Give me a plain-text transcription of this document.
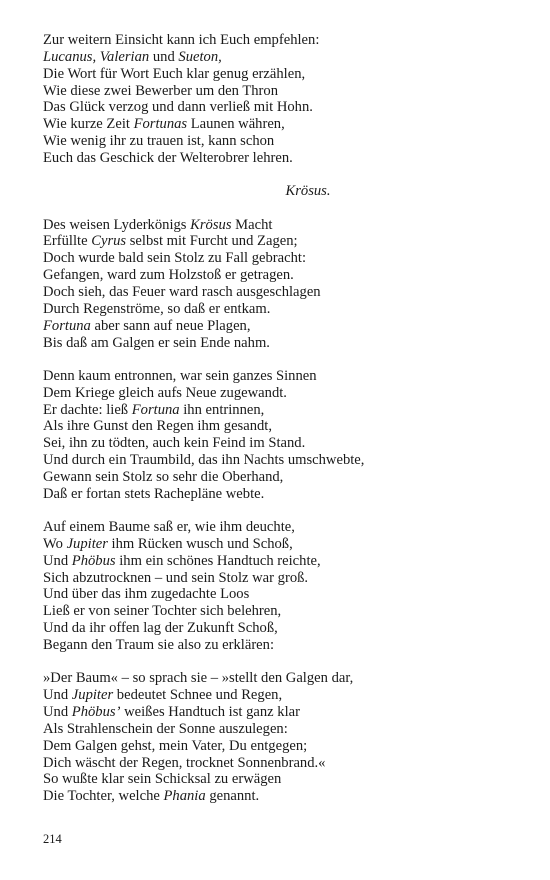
Zur weitern Einsicht kann ich Euch empfehlen:
Lucanus, Valerian und Sueton,
Die Wort für Wort Euch klar genug erzählen,
Wie diese zwei Bewerber um den Thron
Das Glück verzog und dann verließ mit Hohn.
Wie kurze Zeit Fortunas Launen währen,
Wie wenig ihr zu trauen ist, kann schon
Euch das Geschick der Welterobrer lehren.
Krösus.
Des weisen Lyderkönigs Krösus Macht
Erfüllte Cyrus selbst mit Furcht und Zagen;
Doch wurde bald sein Stolz zu Fall gebracht:
Gefangen, ward zum Holzstoß er getragen.
Doch sieh, das Feuer ward rasch ausgeschlagen
Durch Regenströme, so daß er entkam.
Fortuna aber sann auf neue Plagen,
Bis daß am Galgen er sein Ende nahm.
Denn kaum entronnen, war sein ganzes Sinnen
Dem Kriege gleich aufs Neue zugewandt.
Er dachte: ließ Fortuna ihn entrinnen,
Als ihre Gunst den Regen ihm gesandt,
Sei, ihn zu tödten, auch kein Feind im Stand.
Und durch ein Traumbild, das ihn Nachts umschwebte,
Gewann sein Stolz so sehr die Oberhand,
Daß er fortan stets Rachepläne webte.
Auf einem Baume saß er, wie ihm deuchte,
Wo Jupiter ihm Rücken wusch und Schoß,
Und Phöbus ihm ein schönes Handtuch reichte,
Sich abzutrocknen – und sein Stolz war groß.
Und über das ihm zugedachte Loos
Ließ er von seiner Tochter sich belehren,
Und da ihr offen lag der Zukunft Schoß,
Begann den Traum sie also zu erklären:
»Der Baum« – so sprach sie – »stellt den Galgen dar,
Und Jupiter bedeutet Schnee und Regen,
Und Phöbus’ weißes Handtuch ist ganz klar
Als Strahlenschein der Sonne auszulegen:
Dem Galgen gehst, mein Vater, Du entgegen;
Dich wäscht der Regen, trocknet Sonnenbrand.«
So wußte klar sein Schicksal zu erwägen
Die Tochter, welche Phania genannt.
214
